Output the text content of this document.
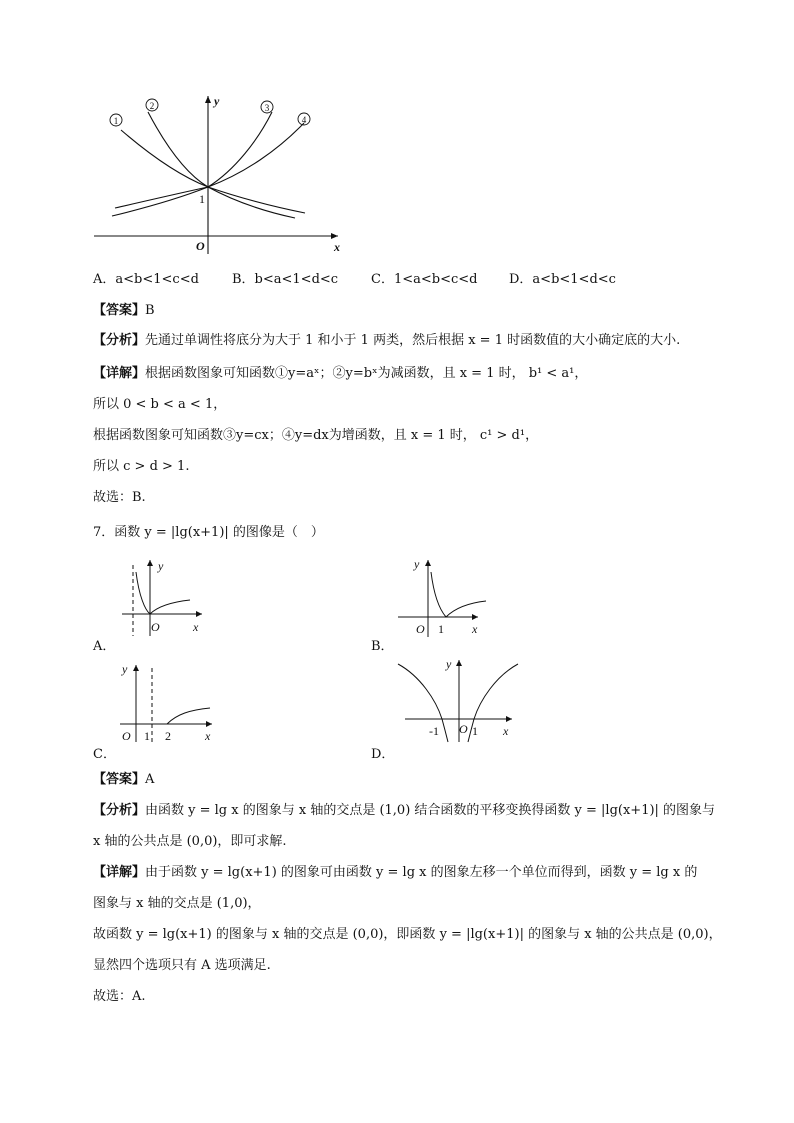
1
2	3
4
y
x
O
1
A．a<b<1<c<d	B．b<a<1<d<c	C．1<a<b<c<d D．a<b<1<d<c
【答案】B
【分析】先通过单调性将底分为大于 1 和小于 1 两类，然后根据 x = 1 时函数值的大小确定底的大小.
【详解】根据函数图象可知函数①y=aˣ；②y=bˣ为减函数，且 x = 1 时， b¹ < a¹，
所以 0 < b < a < 1，
根据函数图象可知函数③y=cx；④y=dx为增函数，且 x = 1 时， c¹ > d¹，
所以 c > d > 1.
故选：B.
7．函数 y = |lg(x+1)| 的图像是（　）
y
x
O
A．
y
x
O 1
B．
y
x
O 1 2
C．
y
x
O
-1	1
D．
【答案】A
【分析】由函数 y = lg x 的图象与 x 轴的交点是 (1,0) 结合函数的平移变换得函数 y = |lg(x+1)| 的图象与
x 轴的公共点是 (0,0)，即可求解.
【详解】由于函数 y = lg(x+1) 的图象可由函数 y = lg x 的图象左移一个单位而得到，函数 y = lg x 的
图象与 x 轴的交点是 (1,0)，
故函数 y = lg(x+1) 的图象与 x 轴的交点是 (0,0)，即函数 y = |lg(x+1)| 的图象与 x 轴的公共点是 (0,0)，
显然四个选项只有 A 选项满足.
故选：A.
